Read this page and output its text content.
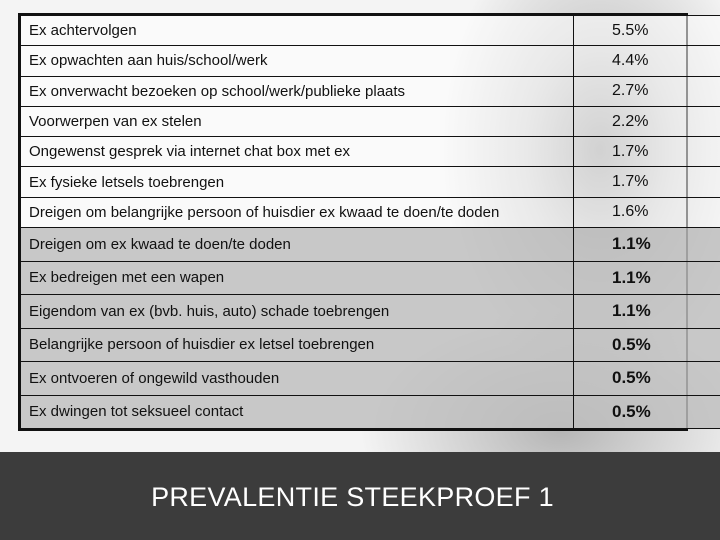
Ex achtervolgen	5.5%
Ex opwachten aan huis/school/werk	4.4%
Ex onverwacht bezoeken op school/werk/publieke plaats	2.7%
Voorwerpen van ex stelen	2.2%
Ongewenst gesprek via internet chat box met ex	1.7%
Ex fysieke letsels toebrengen	1.7%
Dreigen om belangrijke persoon of huisdier ex kwaad te doen/te doden	1.6%
Dreigen om ex kwaad te doen/te doden	1.1%
Ex bedreigen met een wapen	1.1%
Eigendom van ex (bvb. huis, auto) schade toebrengen	1.1%
Belangrijke persoon of huisdier ex letsel toebrengen	0.5%
Ex ontvoeren of ongewild vasthouden	0.5%
Ex dwingen tot seksueel contact	0.5%
PREVALENTIE STEEKPROEF 1
